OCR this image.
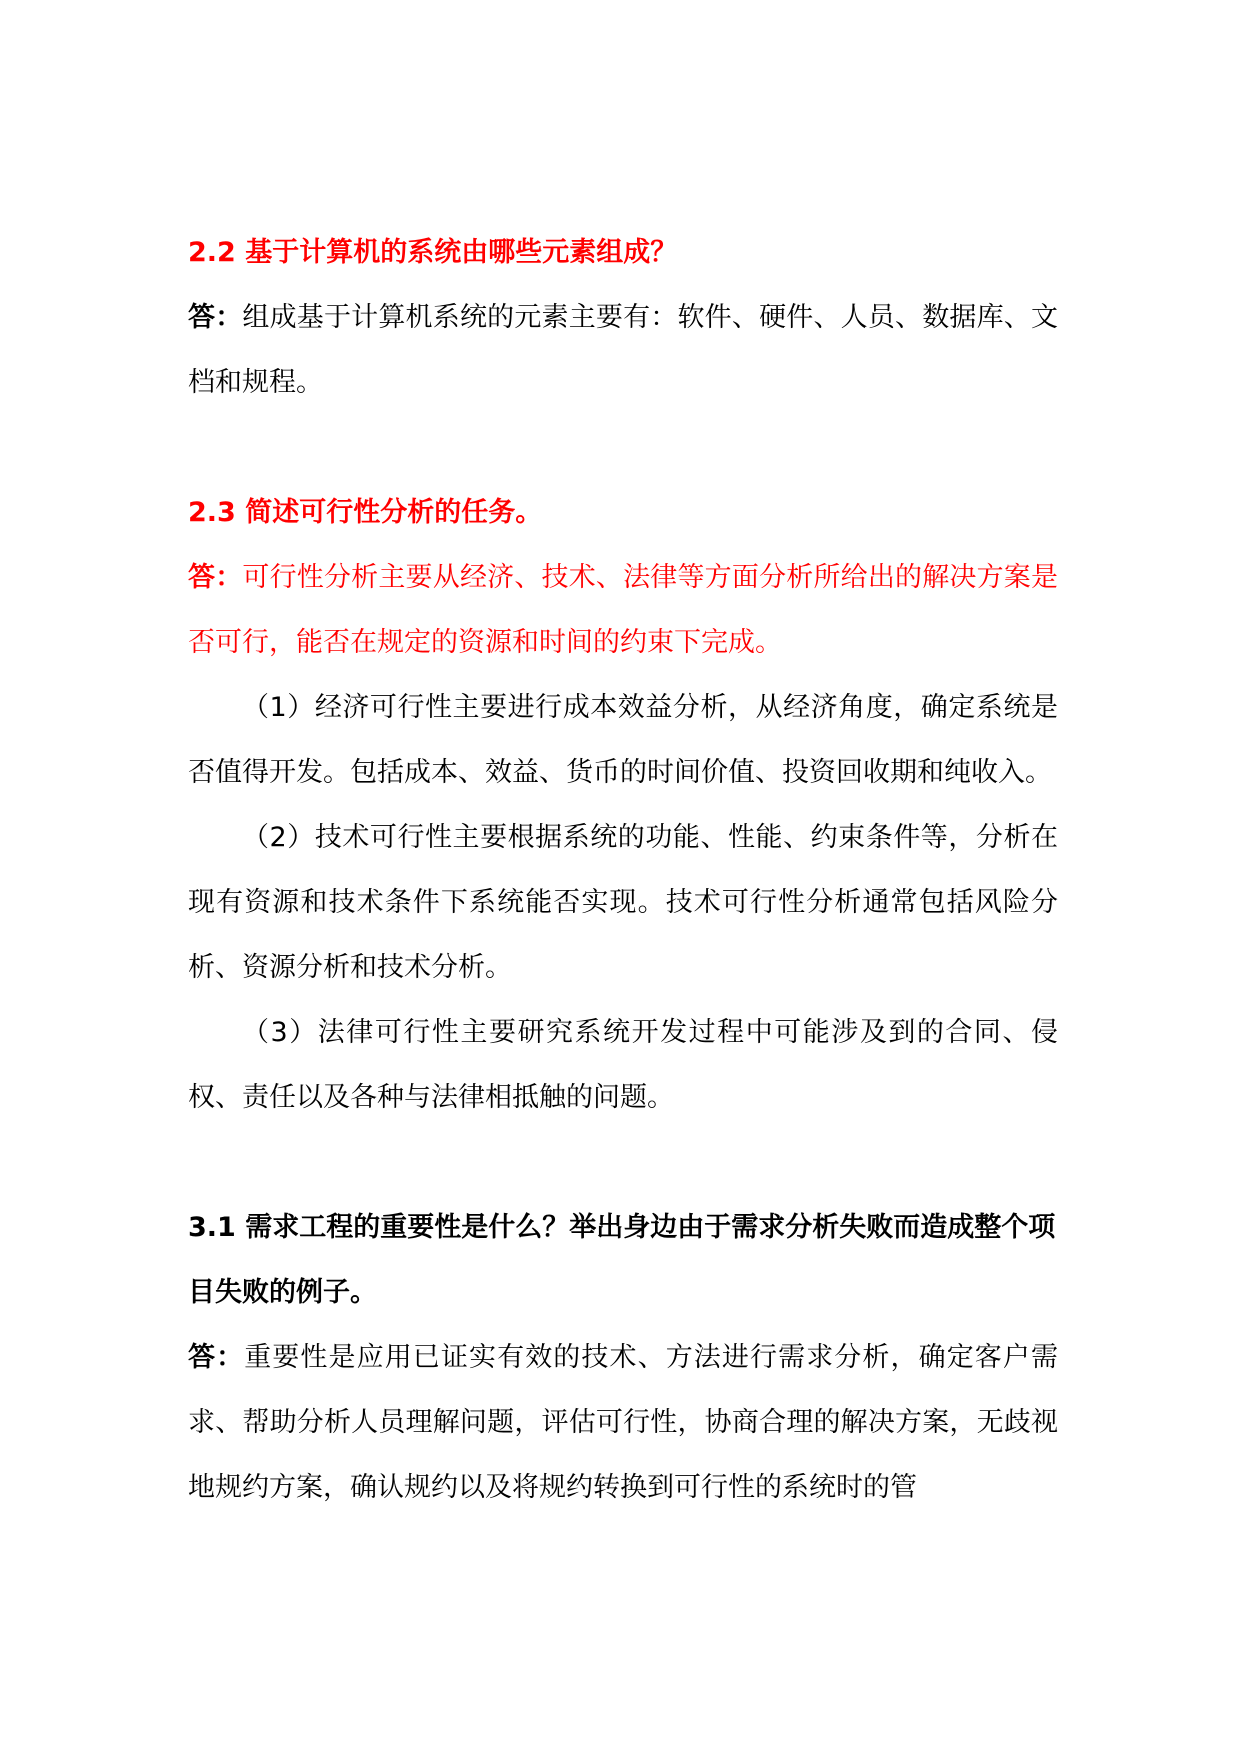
2.2 基于计算机的系统由哪些元素组成？

答：组成基于计算机系统的元素主要有：软件、硬件、人员、数据库、文档和规程。

2.3 简述可行性分析的任务。

答：可行性分析主要从经济、技术、法律等方面分析所给出的解决方案是否可行，能否在规定的资源和时间的约束下完成。

（1）经济可行性主要进行成本效益分析，从经济角度，确定系统是否值得开发。包括成本、效益、货币的时间价值、投资回收期和纯收入。

（2）技术可行性主要根据系统的功能、性能、约束条件等，分析在现有资源和技术条件下系统能否实现。技术可行性分析通常包括风险分析、资源分析和技术分析。

（3）法律可行性主要研究系统开发过程中可能涉及到的合同、侵权、责任以及各种与法律相抵触的问题。

3.1 需求工程的重要性是什么？举出身边由于需求分析失败而造成整个项目失败的例子。

答：重要性是应用已证实有效的技术、方法进行需求分析，确定客户需求、帮助分析人员理解问题，评估可行性，协商合理的解决方案，无歧视地规约方案，确认规约以及将规约转换到可行性的系统时的管
